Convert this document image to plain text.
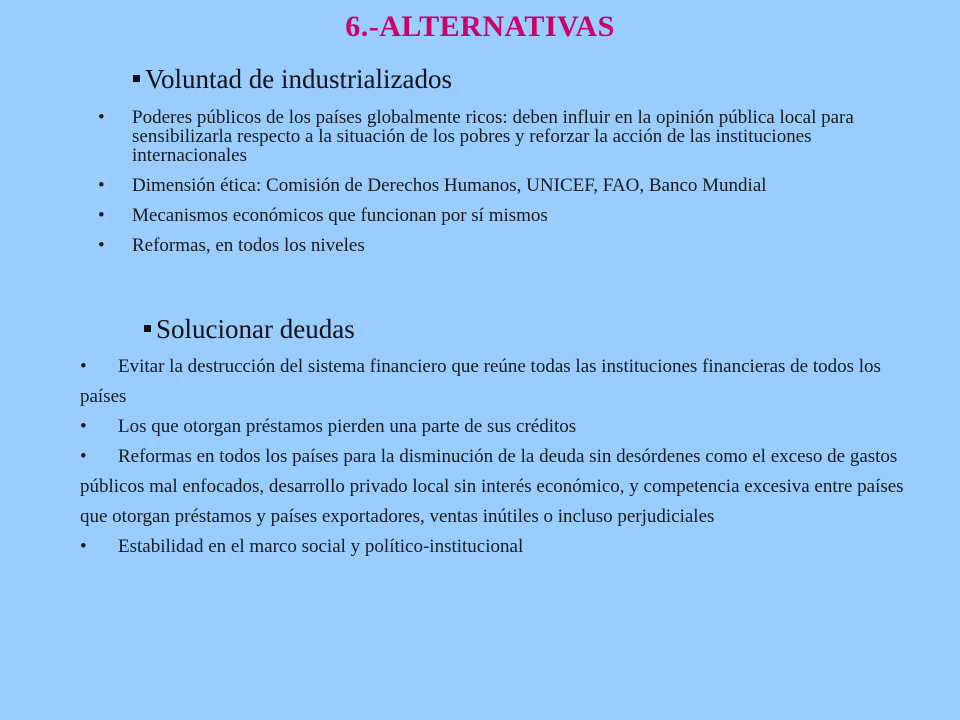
6.-ALTERNATIVAS
Voluntad de industrializados
• Poderes públicos de los países globalmente ricos: deben influir en la opinión pública local para sensibilizarla respecto a la situación de los pobres y reforzar la acción de las instituciones internacionales
• Dimensión ética: Comisión de Derechos Humanos, UNICEF, FAO, Banco Mundial
• Mecanismos económicos que funcionan por sí mismos
• Reformas, en todos los niveles
Solucionar deudas

• Evitar la destrucción del sistema financiero que reúne todas las instituciones financieras de todos los países

• Los que otorgan préstamos pierden una parte de sus créditos

• Reformas en todos los países para la disminución de la deuda sin desórdenes como el exceso de gastos públicos mal enfocados, desarrollo privado local sin interés económico, y competencia excesiva entre países que otorgan préstamos y países exportadores, ventas inútiles o incluso perjudiciales

• Estabilidad en el marco social y político-institucional
